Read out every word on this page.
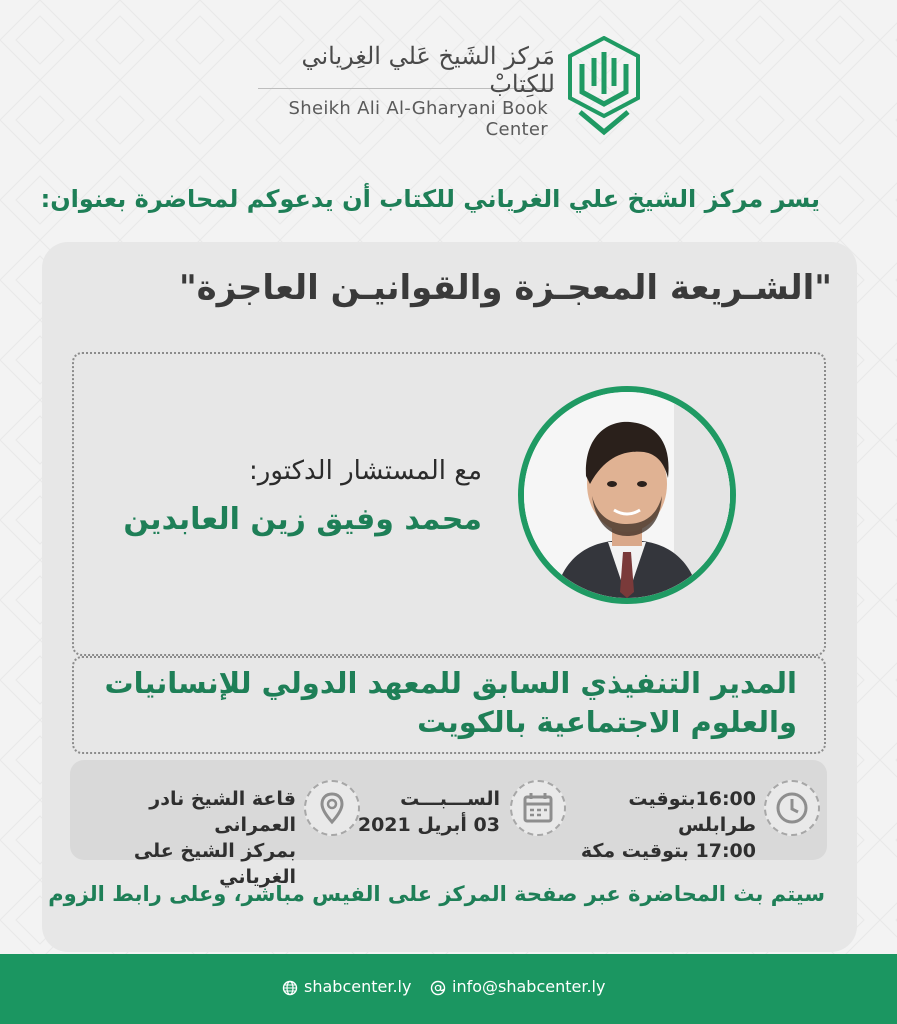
مَركز الشَيخ عَلي الغِرياني للكِتابْ
Sheikh Ali Al-Gharyani Book Center
يسر مركز الشيخ علي الغرياني للكتاب أن يدعوكم لمحاضرة بعنوان:
"الشـريعة المعجـزة والقوانيـن العاجزة"
مع المستشار الدكتور:
محمد وفيق زين العابدين
المدير التنفيذي السابق للمعهد الدولي للإنسانيات
والعلوم الاجتماعية بالكويت
16:00بتوقيت طرابلس
17:00 بتوقيت مكة
الســـبـــت
03 أبريل 2021
قاعة الشيخ نادر العمرانى
بمركز الشيخ على الغرياني
سيتم بث المحاضرة عبر صفحة المركز على الفيس مباشر، وعلى رابط الزوم
shabcenter.ly	info@shabcenter.ly
